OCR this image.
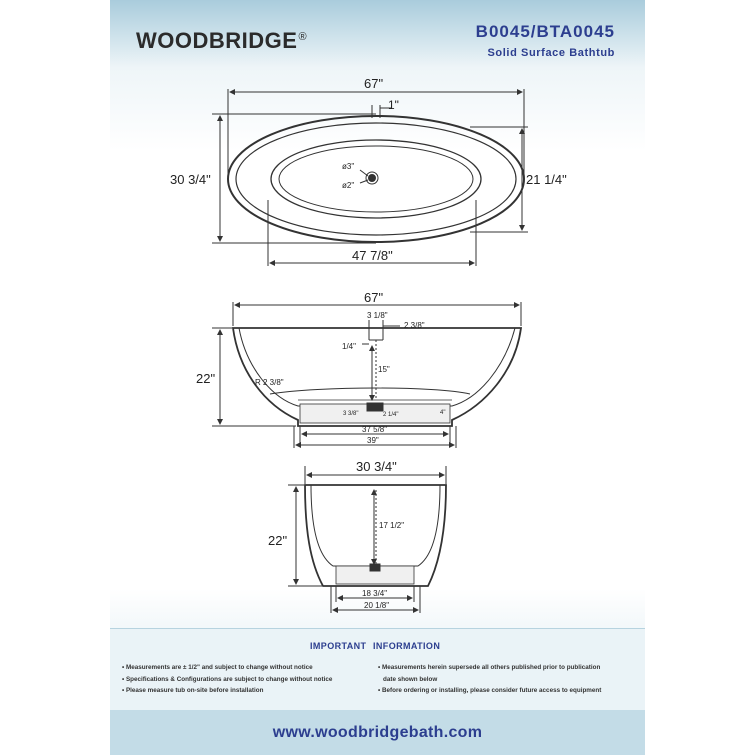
WOODBRIDGE®	B0045/BTA0045
Solid Surface Bathtub
67"
1"
30 3/4"	21 1/4"
ø3"
ø2"
47 7/8"
67"
3 1/8"
2 3/8"
1/4"
22"	R 2 3/8"
15"
3 3/8"	2 1/4"	4"
37 5/8"
39"
30 3/4"
22"
17 1/2"
18 3/4"
20 1/8"
IMPORTANT INFORMATION
• Measurements are ± 1/2" and subject to change without notice
• Specifications & Configurations are subject to change without notice
• Please measure tub on-site before installation
• Measurements herein supersede all others published prior to publication
date shown below
• Before ordering or installing, please consider future access to equipment
www.woodbridgebath.com
